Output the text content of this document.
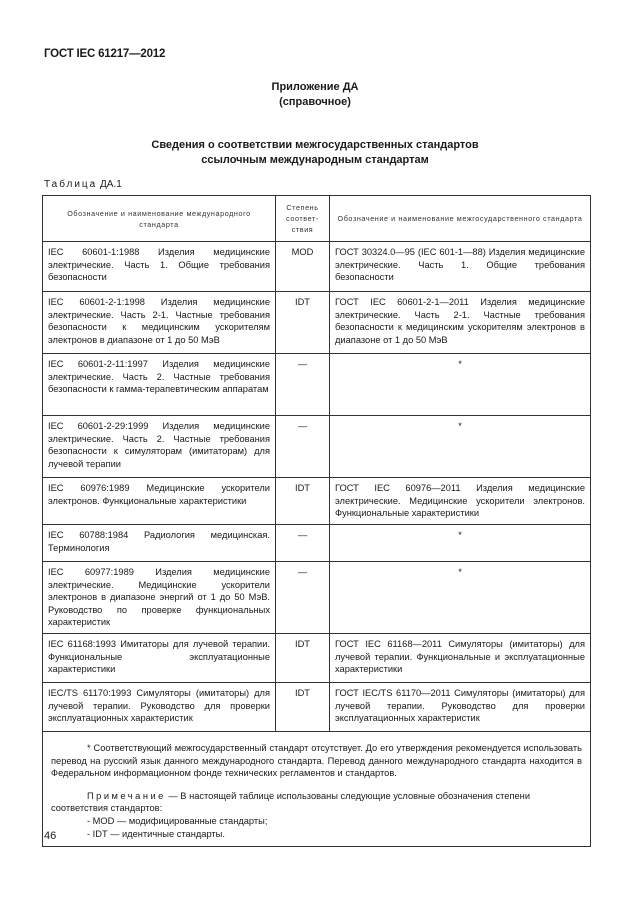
ГОСТ IEC 61217—2012
Приложение ДА
(справочное)
Сведения о соответствии межгосударственных стандартов
ссылочным международным стандартам
Таблица ДА.1
Обозначение и наименование международного стандарта	Степень соответ-ствия	Обозначение и наименование межгосударственного стандарта
IEC 60601-1:1988 Изделия медицинские электрические. Часть 1. Общие требования безопасности	MOD	ГОСТ 30324.0—95 (IEC 601-1—88) Изделия медицинские электрические. Часть 1. Общие требования безопасности
IEC 60601-2-1:1998 Изделия медицинские электрические. Часть 2-1. Частные требования безопасности к медицинским ускорителям электронов в диапазоне от 1 до 50 МэВ	IDT	ГОСТ IEC 60601-2-1—2011 Изделия медицинские электрические. Часть 2-1. Частные требования безопасности к медицинским ускорителям электронов в диапазоне от 1 до 50 МэВ
IEC 60601-2-11:1997 Изделия медицинские электрические. Часть 2. Частные требования безопасности к гамма-терапевтическим аппаратам	—	*
IEC 60601-2-29:1999 Изделия медицинские электрические. Часть 2. Частные требования безопасности к симуляторам (имитаторам) для лучевой терапии	—	*
IEC 60976:1989 Медицинские ускорители электронов. Функциональные характеристики	IDT	ГОСТ IEC 60976—2011 Изделия медицинские электрические. Медицинские ускорители электронов. Функциональные характеристики
IEC 60788:1984 Радиология медицинская. Терминология	—	*
IEC 60977:1989 Изделия медицинские электрические. Медицинские ускорители электронов в диапазоне энергий от 1 до 50 МэВ. Руководство по проверке функциональных характеристик	—	*
IEC 61168:1993 Имитаторы для лучевой терапии. Функциональные эксплуатационные характеристики	IDT	ГОСТ IEC 61168—2011 Симуляторы (имитаторы) для лучевой терапии. Функциональные и эксплуатационные характеристики
IEC/TS 61170:1993 Симуляторы (имитаторы) для лучевой терапии. Руководство для проверки эксплуатационных характеристик	IDT	ГОСТ IEC/TS 61170—2011 Симуляторы (имитаторы) для лучевой терапии. Руководство для проверки эксплуатационных характеристик

* Соответствующий межгосударственный стандарт отсутствует. До его утверждения рекомендуется использовать перевод на русский язык данного международного стандарта. Перевод данного международного стандарта находится в Федеральном информационном фонде технических регламентов и стандартов.

Примечание — В настоящей таблице использованы следующие условные обозначения степени соответствия стандартов:

- MOD — модифицированные стандарты;

- IDT — идентичные стандарты.		

46
